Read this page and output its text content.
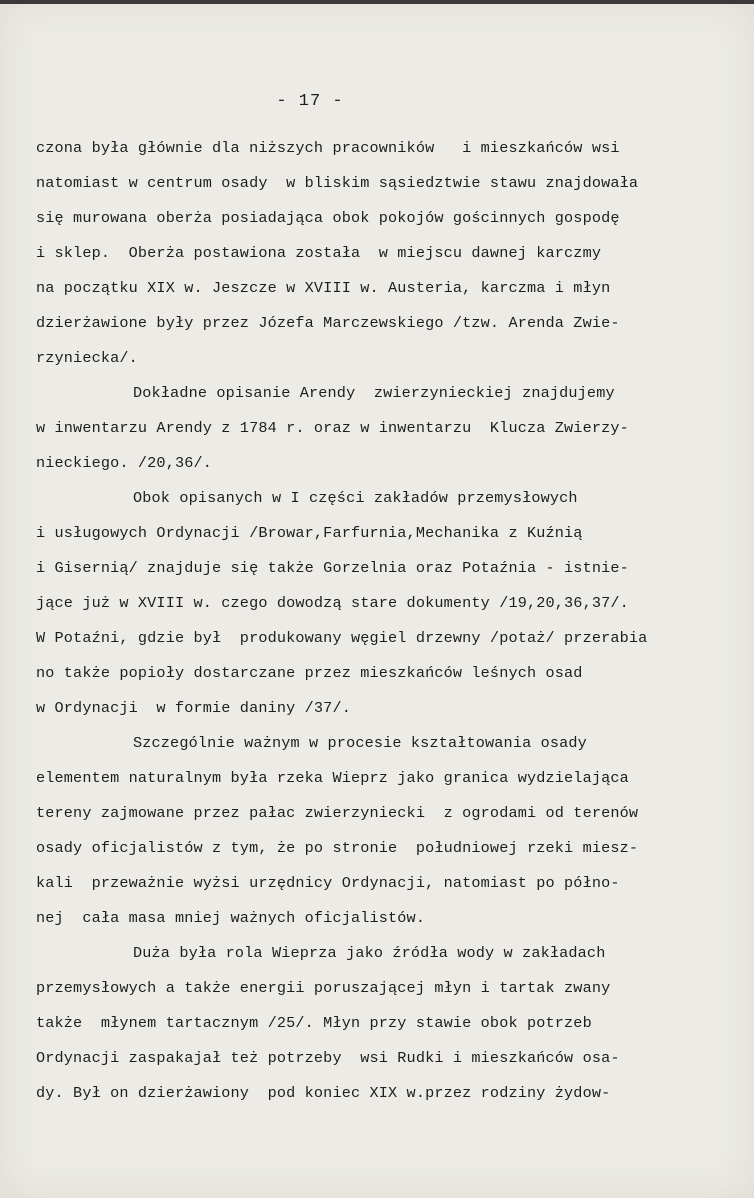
- 17 -
czona była głównie dla niższych pracowników   i mieszkańców wsi
natomiast w centrum osady  w bliskim sąsiedztwie stawu znajdowała
się murowana oberża posiadająca obok pokojów gościnnych gospodę
i sklep.  Oberża postawiona została  w miejscu dawnej karczmy
na początku XIX w. Jeszcze w XVIII w. Austeria, karczma i młyn
dzierżawione były przez Józefa Marczewskiego /tzw. Arenda Zwie-
rzyniecka/.
Dokładne opisanie Arendy  zwierzynieckiej znajdujemy
w inwentarzu Arendy z 1784 r. oraz w inwentarzu  Klucza Zwierzy-
nieckiego. /20,36/.
Obok opisanych w I części zakładów przemysłowych
i usługowych Ordynacji /Browar,Farfurnia,Mechanika z Kuźnią
i Gisernią/ znajduje się także Gorzelnia oraz Potaźnia - istnie-
jące już w XVIII w. czego dowodzą stare dokumenty /19,20,36,37/.
W Potaźni, gdzie był  produkowany węgiel drzewny /potaż/ przerabia
no także popioły dostarczane przez mieszkańców leśnych osad
w Ordynacji  w formie daniny /37/.
Szczególnie ważnym w procesie kształtowania osady
elementem naturalnym była rzeka Wieprz jako granica wydzielająca
tereny zajmowane przez pałac zwierzyniecki  z ogrodami od terenów
osady oficjalistów z tym, że po stronie  południowej rzeki miesz-
kali  przeważnie wyżsi urzędnicy Ordynacji, natomiast po półno-
nej  cała masa mniej ważnych oficjalistów.
Duża była rola Wieprza jako źródła wody w zakładach
przemysłowych a także energii poruszającej młyn i tartak zwany
także  młynem tartacznym /25/. Młyn przy stawie obok potrzeb
Ordynacji zaspakajał też potrzeby  wsi Rudki i mieszkańców osa-
dy. Był on dzierżawiony  pod koniec XIX w.przez rodziny żydow-
